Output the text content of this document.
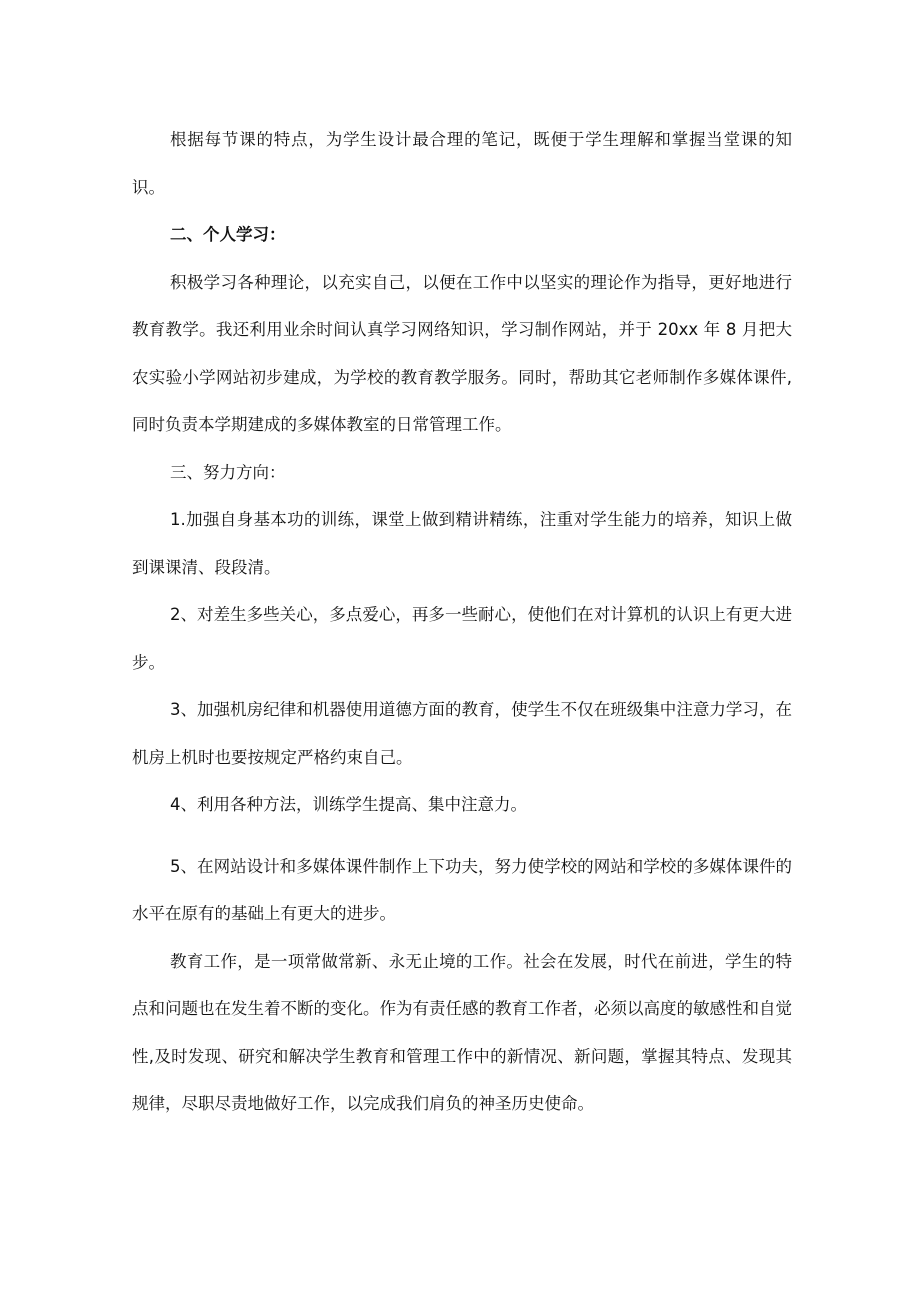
根据每节课的特点，为学生设计最合理的笔记，既便于学生理解和掌握当堂课的知识。

二、个人学习：

积极学习各种理论，以充实自己，以便在工作中以坚实的理论作为指导，更好地进行教育教学。我还利用业余时间认真学习网络知识，学习制作网站，并于 20xx 年 8 月把大农实验小学网站初步建成，为学校的教育教学服务。同时，帮助其它老师制作多媒体课件,同时负责本学期建成的多媒体教室的日常管理工作。

三、努力方向：

1.加强自身基本功的训练，课堂上做到精讲精练，注重对学生能力的培养，知识上做到课课清、段段清。

2、对差生多些关心，多点爱心，再多一些耐心，使他们在对计算机的认识上有更大进步。

3、加强机房纪律和机器使用道德方面的教育，使学生不仅在班级集中注意力学习，在机房上机时也要按规定严格约束自己。

4、利用各种方法，训练学生提高、集中注意力。

5、在网站设计和多媒体课件制作上下功夫，努力使学校的网站和学校的多媒体课件的水平在原有的基础上有更大的进步。

教育工作，是一项常做常新、永无止境的工作。社会在发展，时代在前进，学生的特点和问题也在发生着不断的变化。作为有责任感的教育工作者，必须以高度的敏感性和自觉性,及时发现、研究和解决学生教育和管理工作中的新情况、新问题，掌握其特点、发现其规律，尽职尽责地做好工作，以完成我们肩负的神圣历史使命。
